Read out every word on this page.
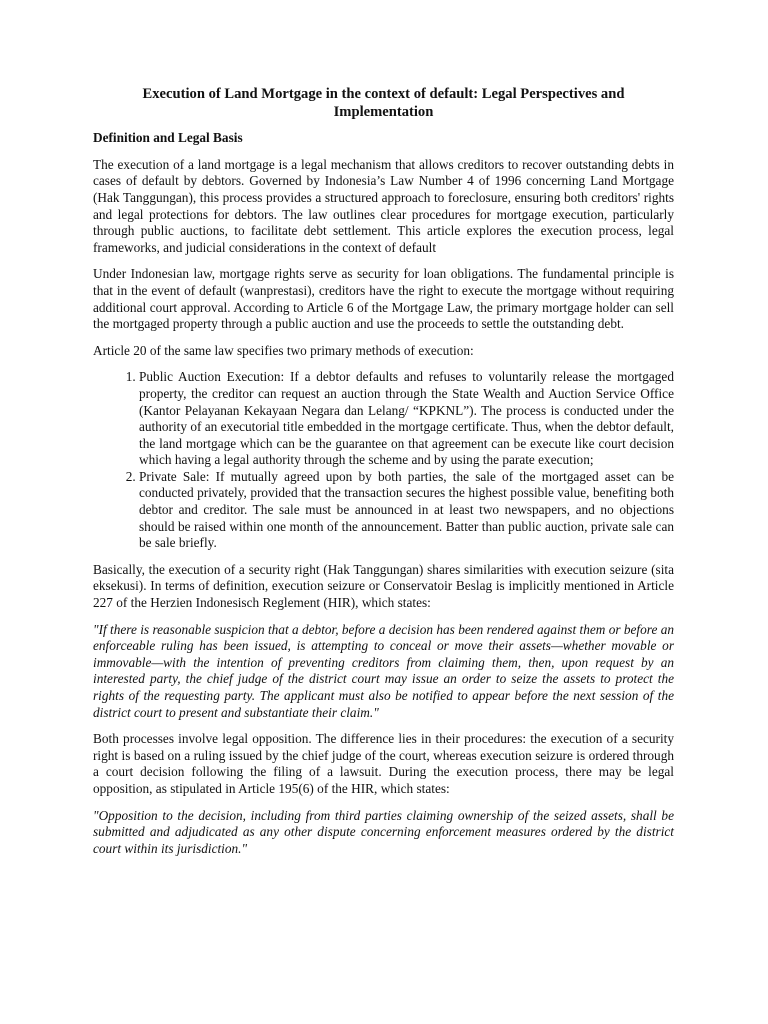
Execution of Land Mortgage in the context of default: Legal Perspectives and Implementation
Definition and Legal Basis

The execution of a land mortgage is a legal mechanism that allows creditors to recover outstanding debts in cases of default by debtors. Governed by Indonesia’s Law Number 4 of 1996 concerning Land Mortgage (Hak Tanggungan), this process provides a structured approach to foreclosure, ensuring both creditors' rights and legal protections for debtors. The law outlines clear procedures for mortgage execution, particularly through public auctions, to facilitate debt settlement. This article explores the execution process, legal frameworks, and judicial considerations in the context of default

Under Indonesian law, mortgage rights serve as security for loan obligations. The fundamental principle is that in the event of default (wanprestasi), creditors have the right to execute the mortgage without requiring additional court approval. According to Article 6 of the Mortgage Law, the primary mortgage holder can sell the mortgaged property through a public auction and use the proceeds to settle the outstanding debt.

Article 20 of the same law specifies two primary methods of execution:

1. Public Auction Execution: If a debtor defaults and refuses to voluntarily release the mortgaged property, the creditor can request an auction through the State Wealth and Auction Service Office (Kantor Pelayanan Kekayaan Negara dan Lelang/ “KPKNL”). The process is conducted under the authority of an executorial title embedded in the mortgage certificate. Thus, when the debtor default, the land mortgage which can be the guarantee on that agreement can be execute like court decision which having a legal authority through the scheme and by using the parate execution;
2. Private Sale: If mutually agreed upon by both parties, the sale of the mortgaged asset can be conducted privately, provided that the transaction secures the highest possible value, benefiting both debtor and creditor. The sale must be announced in at least two newspapers, and no objections should be raised within one month of the announcement. Batter than public auction, private sale can be sale briefly.

Basically, the execution of a security right (Hak Tanggungan) shares similarities with execution seizure (sita eksekusi). In terms of definition, execution seizure or Conservatoir Beslag is implicitly mentioned in Article 227 of the Herzien Indonesisch Reglement (HIR), which states:

"If there is reasonable suspicion that a debtor, before a decision has been rendered against them or before an enforceable ruling has been issued, is attempting to conceal or move their assets—whether movable or immovable—with the intention of preventing creditors from claiming them, then, upon request by an interested party, the chief judge of the district court may issue an order to seize the assets to protect the rights of the requesting party. The applicant must also be notified to appear before the next session of the district court to present and substantiate their claim."

Both processes involve legal opposition. The difference lies in their procedures: the execution of a security right is based on a ruling issued by the chief judge of the court, whereas execution seizure is ordered through a court decision following the filing of a lawsuit. During the execution process, there may be legal opposition, as stipulated in Article 195(6) of the HIR, which states:

"Opposition to the decision, including from third parties claiming ownership of the seized assets, shall be submitted and adjudicated as any other dispute concerning enforcement measures ordered by the district court within its jurisdiction."
